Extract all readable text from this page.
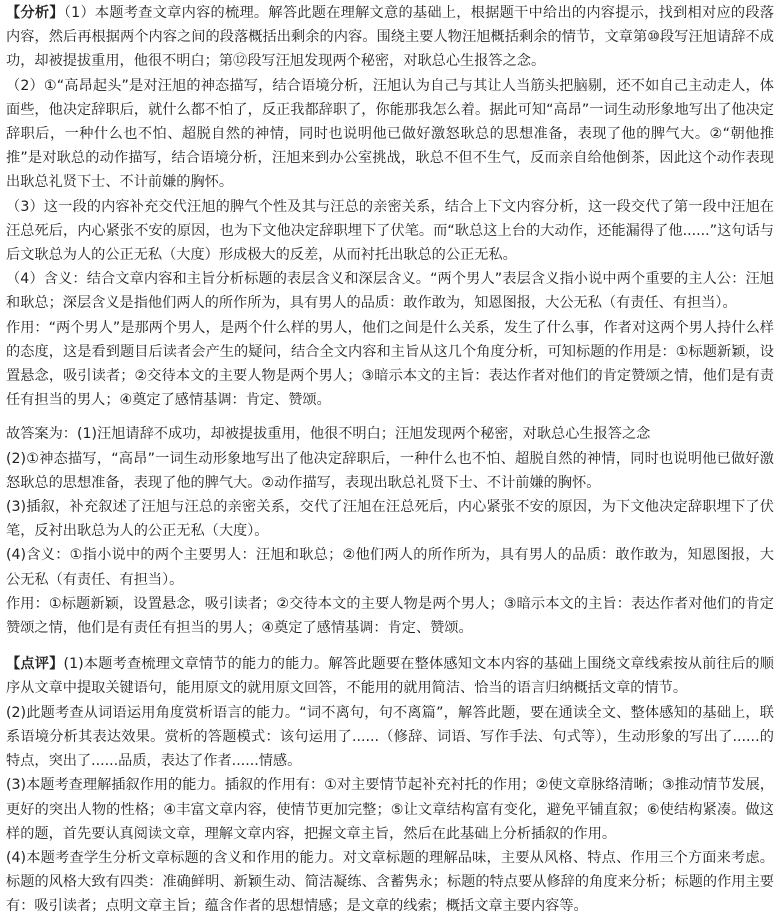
【分析】（1）本题考查文章内容的梳理。解答此题在理解文意的基础上，根据题干中给出的内容提示，找到相对应的段落内容，然后再根据两个内容之间的段落概括出剩余的内容。围绕主要人物汪旭概括剩余的情节，文章第⑩段写汪旭请辞不成功，却被提拔重用，他很不明白；第⑫段写汪旭发现两个秘密，对耿总心生报答之念。

（2）①“高昂起头”是对汪旭的神态描写，结合语境分析，汪旭认为自己与其让人当筋头把脑剔，还不如自己主动走人，体面些，他决定辞职后，就什么都不怕了，反正我都辞职了，你能那我怎么着。据此可知“高昂”一词生动形象地写出了他决定辞职后，一种什么也不怕、超脱自然的神情，同时也说明他已做好激怒耿总的思想准备，表现了他的脾气大。②“朝他推推”是对耿总的动作描写，结合语境分析，汪旭来到办公室挑战，耿总不但不生气，反而亲自给他倒茶，因此这个动作表现出耿总礼贤下士、不计前嫌的胸怀。

（3）这一段的内容补充交代汪旭的脾气个性及其与汪总的亲密关系，结合上下文内容分析，这一段交代了第一段中汪旭在汪总死后，内心紧张不安的原因，也为下文他决定辞职埋下了伏笔。而“耿总这上台的大动作，还能漏得了他......”这句话与后文耿总为人的公正无私（大度）形成极大的反差，从而衬托出耿总的公正无私。

（4）含义：结合文章内容和主旨分析标题的表层含义和深层含义。“两个男人”表层含义指小说中两个重要的主人公：汪旭和耿总；深层含义是指他们两人的所作所为，具有男人的品质：敢作敢为，知恩图报，大公无私（有责任、有担当）。

作用：“两个男人”是那两个男人，是两个什么样的男人，他们之间是什么关系，发生了什么事，作者对这两个男人持什么样的态度，这是看到题目后读者会产生的疑问，结合全文内容和主旨从这几个角度分析，可知标题的作用是：①标题新颖，设置悬念，吸引读者；②交待本文的主要人物是两个男人；③暗示本文的主旨：表达作者对他们的肯定赞颂之情，他们是有责任有担当的男人；④奠定了感情基调：肯定、赞颂。

故答案为：(1)汪旭请辞不成功，却被提拔重用，他很不明白；汪旭发现两个秘密，对耿总心生报答之念

(2)①神态描写，“高昂”一词生动形象地写出了他决定辞职后，一种什么也不怕、超脱自然的神情，同时也说明他已做好激怒耿总的思想准备，表现了他的脾气大。②动作描写，表现出耿总礼贤下士、不计前嫌的胸怀。

(3)插叙，补充叙述了汪旭与汪总的亲密关系，交代了汪旭在汪总死后，内心紧张不安的原因，为下文他决定辞职埋下了伏笔，反衬出耿总为人的公正无私（大度）。

(4)含义：①指小说中的两个主要男人：汪旭和耿总；②他们两人的所作所为，具有男人的品质：敢作敢为，知恩图报，大公无私（有责任、有担当）。

作用：①标题新颖，设置悬念，吸引读者；②交待本文的主要人物是两个男人；③暗示本文的主旨：表达作者对他们的肯定赞颂之情，他们是有责任有担当的男人；④奠定了感情基调：肯定、赞颂。

【点评】(1)本题考查梳理文章情节的能力的能力。解答此题要在整体感知文本内容的基础上围绕文章线索按从前往后的顺序从文章中提取关键语句，能用原文的就用原文回答，不能用的就用简洁、恰当的语言归纳概括文章的情节。

(2)此题考查从词语运用角度赏析语言的能力。“词不离句，句不离篇”，解答此题，要在通读全文、整体感知的基础上，联系语境分析其表达效果。赏析的答题模式：该句运用了......（修辞、词语、写作手法、句式等），生动形象的写出了......的特点，突出了......品质，表达了作者......情感。

(3)本题考查理解插叙作用的能力。插叙的作用有：①对主要情节起补充衬托的作用；②使文章脉络清晰；③推动情节发展，更好的突出人物的性格；④丰富文章内容，使情节更加完整；⑤让文章结构富有变化，避免平铺直叙；⑥使结构紧凑。做这样的题，首先要认真阅读文章，理解文章内容，把握文章主旨，然后在此基础上分析插叙的作用。

(4)本题考查学生分析文章标题的含义和作用的能力。对文章标题的理解品味，主要从风格、特点、作用三个方面来考虑。标题的风格大致有四类：准确鲜明、新颖生动、简洁凝练、含蓄隽永；标题的特点要从修辞的角度来分析；标题的作用主要有：吸引读者；点明文章主旨；蕴含作者的思想情感；是文章的线索；概括文章主要内容等。
